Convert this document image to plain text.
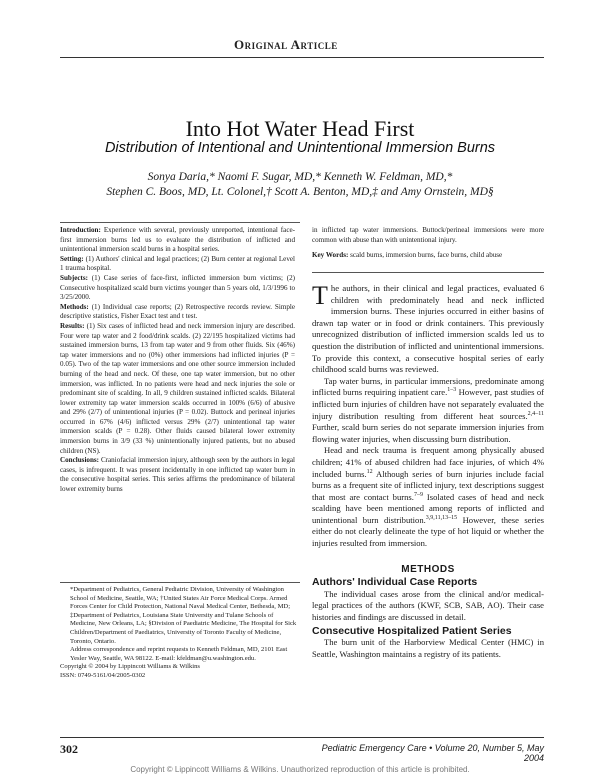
Original Article
Into Hot Water Head First
Distribution of Intentional and Unintentional Immersion Burns
Sonya Daria,* Naomi F. Sugar, MD,* Kenneth W. Feldman, MD,*
Stephen C. Boos, MD, Lt. Colonel,† Scott A. Benton, MD,‡ and Amy Ornstein, MD§

Introduction: Experience with several, previously unreported, intentional face-first immersion burns led us to evaluate the distribution of inflicted and unintentional immersion scald burns in a hospital series.

Setting: (1) Authors' clinical and legal practices; (2) Burn center at regional Level 1 trauma hospital.

Subjects: (1) Case series of face-first, inflicted immersion burn victims; (2) Consecutive hospitalized scald burn victims younger than 5 years old, 1/3/1996 to 3/25/2000.

Methods: (1) Individual case reports; (2) Retrospective records review. Simple descriptive statistics, Fisher Exact test and t test.

Results: (1) Six cases of inflicted head and neck immersion injury are described. Four were tap water and 2 food/drink scalds. (2) 22/195 hospitalized victims had sustained immersion burns, 13 from tap water and 9 from other fluids. Six (46%) tap water immersions and no (0%) other immersions had inflicted injuries (P = 0.05). Two of the tap water immersions and one other source immersion included burning of the head and neck. Of these, one tap water immersion, but no other immersion, was inflicted. In no patients were head and neck injuries the sole or predominant site of scalding. In all, 9 children sustained inflicted scalds. Bilateral lower extremity tap water immersion scalds occurred in 100% (6/6) of abusive and 29% (2/7) of unintentional injuries (P = 0.02). Buttock and perineal injuries occurred in 67% (4/6) inflicted versus 29% (2/7) unintentional tap water immersion scalds (P = 0.28). Other fluids caused bilateral lower extremity immersion burns in 3/9 (33 %) unintentionally injured patients, but no abused children (NS).

Conclusions: Craniofacial immersion injury, although seen by the authors in legal cases, is infrequent. It was present incidentally in one inflicted tap water burn in the consecutive hospital series. This series affirms the predominance of bilateral lower extremity burns

in inflicted tap water immersions. Buttock/perineal immersions were more common with abuse than with unintentional injury.
Key Words: scald burns, immersion burns, face burns, child abuse

The authors, in their clinical and legal practices, evaluated 6 children with predominately head and neck inflicted immersion burns. These injuries occurred in either basins of drawn tap water or in food or drink containers. This previously unrecognized distribution of inflicted immersion scalds led us to question the distribution of inflicted and unintentional immersions. To provide this context, a consecutive hospital series of early childhood scald burns was reviewed.

Tap water burns, in particular immersions, predominate among inflicted burns requiring inpatient care.$^{1-3}$ However, past studies of inflicted burn injuries of children have not separately evaluated the injury distribution resulting from different heat sources.$^{2,4-11}$ Further, scald burn series do not separate immersion injuries from flowing water injuries, when discussing burn distribution.

Head and neck trauma is frequent among physically abused children; 41% of abused children had face injuries, of which 4% included burns.$^{12}$ Although series of burn injuries include facial burns as a frequent site of inflicted injury, text descriptions suggest that most are contact burns.$^{7-9}$ Isolated cases of head and neck scalding have been mentioned among reports of inflicted and unintentional burn distribution.$^{3,9,11,13-15}$ However, these series either do not clearly delineate the type of hot liquid or whether the injuries resulted from immersion.

METHODS
Authors' Individual Case Reports

The individual cases arose from the clinical and/or medical-legal practices of the authors (KWF, SCB, SAB, AO). Their case histories and findings are discussed in detail.

Consecutive Hospitalized Patient Series

The burn unit of the Harborview Medical Center (HMC) in Seattle, Washington maintains a registry of its patients.

*Department of Pediatrics, General Pediatric Division, University of Washington School of Medicine, Seattle, WA; †United States Air Force Medical Corps. Armed Forces Center for Child Protection, National Naval Medical Center, Bethesda, MD; ‡Department of Pediatrics, Louisiana State University and Tulane Schools of Medicine, New Orleans, LA; §Division of Paediatric Medicine, The Hospital for Sick Children/Department of Paediatrics, University of Toronto Faculty of Medicine, Toronto, Ontario.

Address correspondence and reprint requests to Kenneth Feldman, MD, 2101 East Yesler Way, Seattle, WA 98122. E-mail: kfeldman@u.washington.edu.

Copyright © 2004 by Lippincott Williams & Wilkins

ISSN: 0749-5161/04/2005-0302

302	Pediatric Emergency Care • Volume 20, Number 5, May 2004
Copyright © Lippincott Williams & Wilkins. Unauthorized reproduction of this article is prohibited.
